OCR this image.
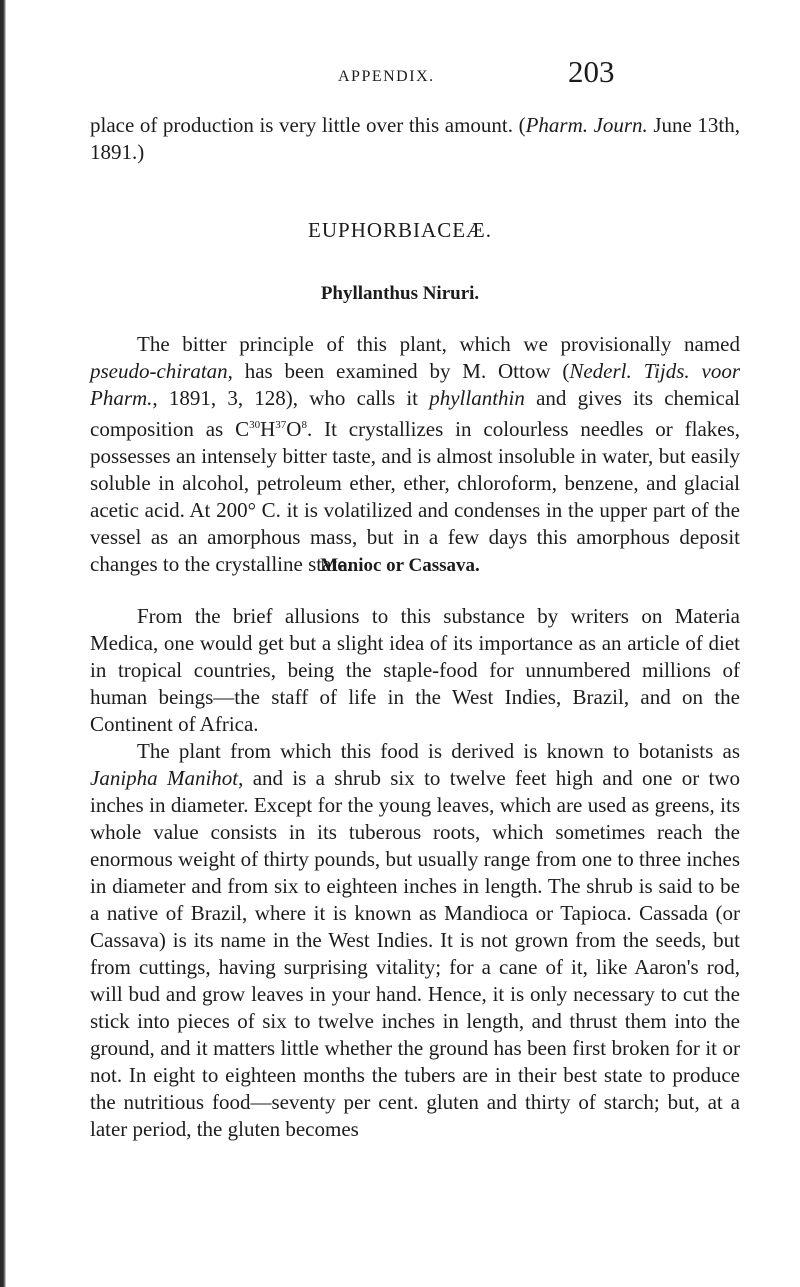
APPENDIX.	203

place of production is very little over this amount. (Pharm. Journ. June 13th, 1891.)

EUPHORBIACEÆ.
Phyllanthus Niruri.

The bitter principle of this plant, which we provisionally named pseudo-chiratan, has been examined by M. Ottow (Nederl. Tijds. voor Pharm., 1891, 3, 128), who calls it phyllanthin and gives its chemical composition as $C^{30}H^{37}O^8$. It crystallizes in colourless needles or flakes, possesses an intensely bitter taste, and is almost insoluble in water, but easily soluble in alcohol, petroleum ether, ether, chloroform, benzene, and glacial acetic acid. At 200° C. it is volatilized and condenses in the upper part of the vessel as an amorphous mass, but in a few days this amorphous deposit changes to the crystalline state.

Manioc or Cassava.

From the brief allusions to this substance by writers on Materia Medica, one would get but a slight idea of its importance as an article of diet in tropical countries, being the staple-food for unnumbered millions of human beings—the staff of life in the West Indies, Brazil, and on the Continent of Africa.

The plant from which this food is derived is known to botanists as Janipha Manihot, and is a shrub six to twelve feet high and one or two inches in diameter. Except for the young leaves, which are used as greens, its whole value consists in its tuberous roots, which sometimes reach the enormous weight of thirty pounds, but usually range from one to three inches in diameter and from six to eighteen inches in length. The shrub is said to be a native of Brazil, where it is known as Mandioca or Tapioca. Cassada (or Cassava) is its name in the West Indies. It is not grown from the seeds, but from cuttings, having surprising vitality; for a cane of it, like Aaron's rod, will bud and grow leaves in your hand. Hence, it is only necessary to cut the stick into pieces of six to twelve inches in length, and thrust them into the ground, and it matters little whether the ground has been first broken for it or not. In eight to eighteen months the tubers are in their best state to produce the nutritious food—seventy per cent. gluten and thirty of starch; but, at a later period, the gluten becomes
